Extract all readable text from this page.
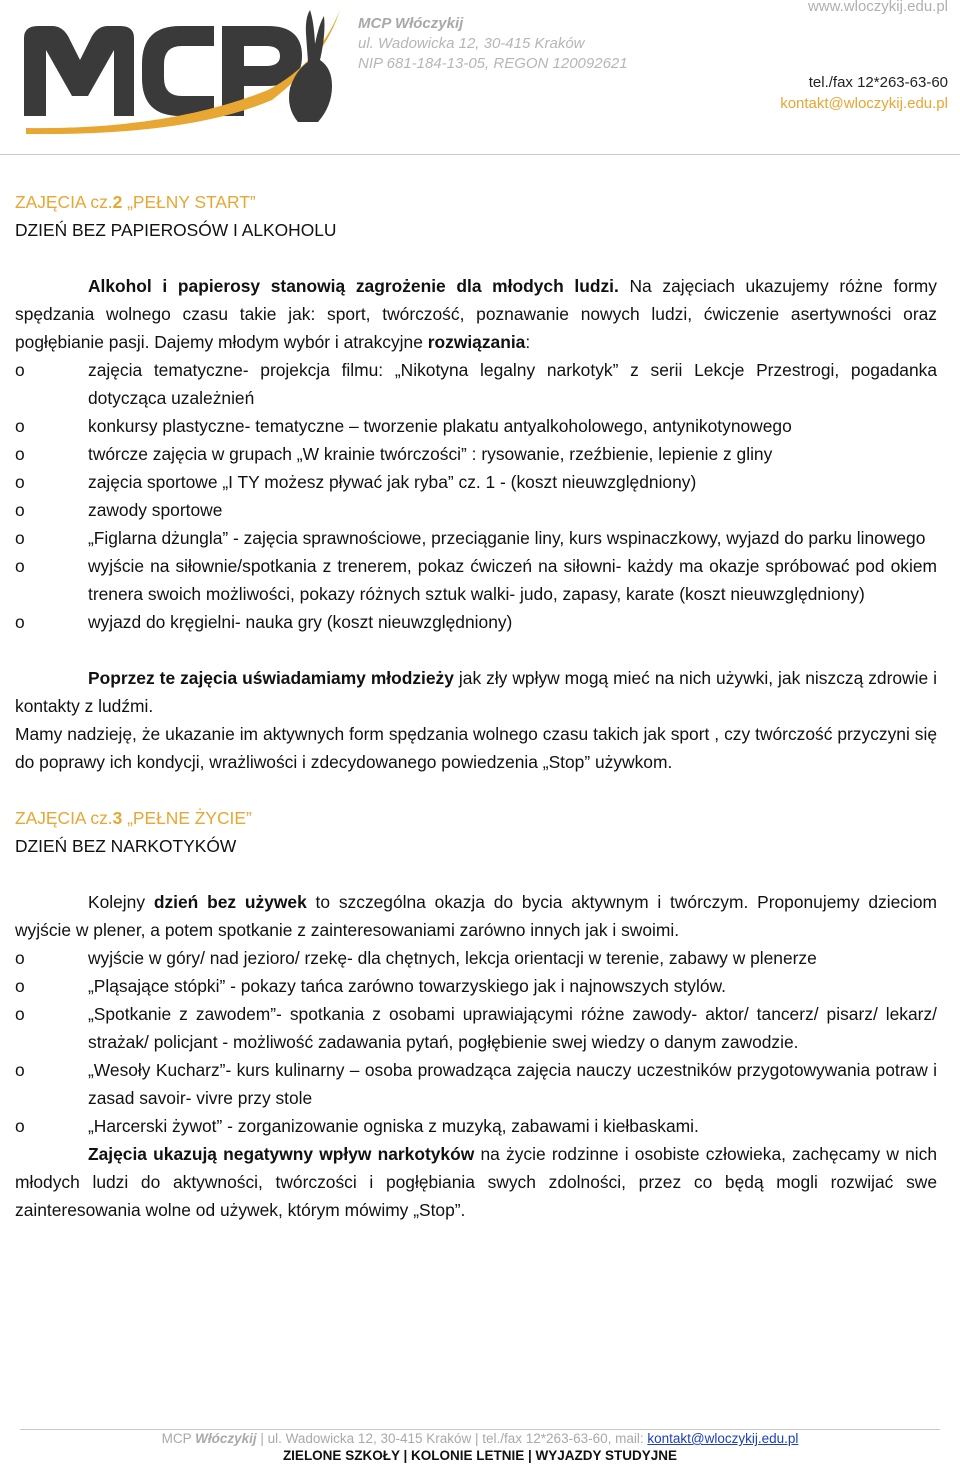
MCP Włóczykij
ul. Wadowicka 12, 30-415 Kraków
NIP 681-184-13-05, REGON 120092621
www.wloczykij.edu.pl
tel./fax 12*263-63-60
kontakt@wloczykij.edu.pl
ZAJĘCIA cz.2 „PEŁNY START”
DZIEŃ BEZ PAPIEROSÓW I ALKOHOLU

Alkohol i papierosy stanowią zagrożenie dla młodych ludzi. Na zajęciach ukazujemy różne formy spędzania wolnego czasu takie jak: sport, twórczość, poznawanie nowych ludzi, ćwiczenie asertywności oraz pogłębianie pasji. Dajemy młodym wybór i atrakcyjne rozwiązania:

o	zajęcia tematyczne- projekcja filmu: „Nikotyna legalny narkotyk” z serii Lekcje Przestrogi, pogadanka dotycząca uzależnień
o	konkursy plastyczne- tematyczne – tworzenie plakatu antyalkoholowego, antynikotynowego
o	twórcze zajęcia w grupach „W krainie twórczości” : rysowanie, rzeźbienie, lepienie z gliny
o	zajęcia sportowe „I TY możesz pływać jak ryba” cz. 1 - (koszt nieuwzględniony)
o	zawody sportowe
o	„Figlarna dżungla” - zajęcia sprawnościowe, przeciąganie liny, kurs wspinaczkowy, wyjazd do parku linowego
o	wyjście na siłownie/spotkania z trenerem, pokaz ćwiczeń na siłowni- każdy ma okazje spróbować pod okiem trenera swoich możliwości, pokazy różnych sztuk walki- judo, zapasy, karate (koszt nieuwzględniony)
o	wyjazd do kręgielni- nauka gry (koszt nieuwzględniony)

Poprzez te zajęcia uświadamiamy młodzieży jak zły wpływ mogą mieć na nich używki, jak niszczą zdrowie i kontakty z ludźmi.

Mamy nadzieję, że ukazanie im aktywnych form spędzania wolnego czasu takich jak sport , czy twórczość przyczyni się do poprawy ich kondycji, wrażliwości i zdecydowanego powiedzenia „Stop” używkom.

ZAJĘCIA cz.3 „PEŁNE ŻYCIE”
DZIEŃ BEZ NARKOTYKÓW

Kolejny dzień bez używek to szczególna okazja do bycia aktywnym i twórczym. Proponujemy dzieciom wyjście w plener, a potem spotkanie z zainteresowaniami zarówno innych jak i swoimi.

o	wyjście w góry/ nad jezioro/ rzekę- dla chętnych, lekcja orientacji w terenie, zabawy w plenerze
o	„Pląsające stópki” - pokazy tańca zarówno towarzyskiego jak i najnowszych stylów.
o	„Spotkanie z zawodem”- spotkania z osobami uprawiającymi różne zawody- aktor/ tancerz/ pisarz/ lekarz/ strażak/ policjant - możliwość zadawania pytań, pogłębienie swej wiedzy o danym zawodzie.
o	„Wesoły Kucharz”- kurs kulinarny – osoba prowadząca zajęcia nauczy uczestników przygotowywania potraw i zasad savoir- vivre przy stole
o	„Harcerski żywot” - zorganizowanie ogniska z muzyką, zabawami i kiełbaskami.

Zajęcia ukazują negatywny wpływ narkotyków na życie rodzinne i osobiste człowieka, zachęcamy w nich młodych ludzi do aktywności, twórczości i pogłębiania swych zdolności, przez co będą mogli rozwijać swe zainteresowania wolne od używek, którym mówimy „Stop”.

MCP Włóczykij | ul. Wadowicka 12, 30-415 Kraków | tel./fax 12*263-63-60, mail: kontakt@wloczykij.edu.pl
ZIELONE SZKOŁY | KOLONIE LETNIE | WYJAZDY STUDYJNE
